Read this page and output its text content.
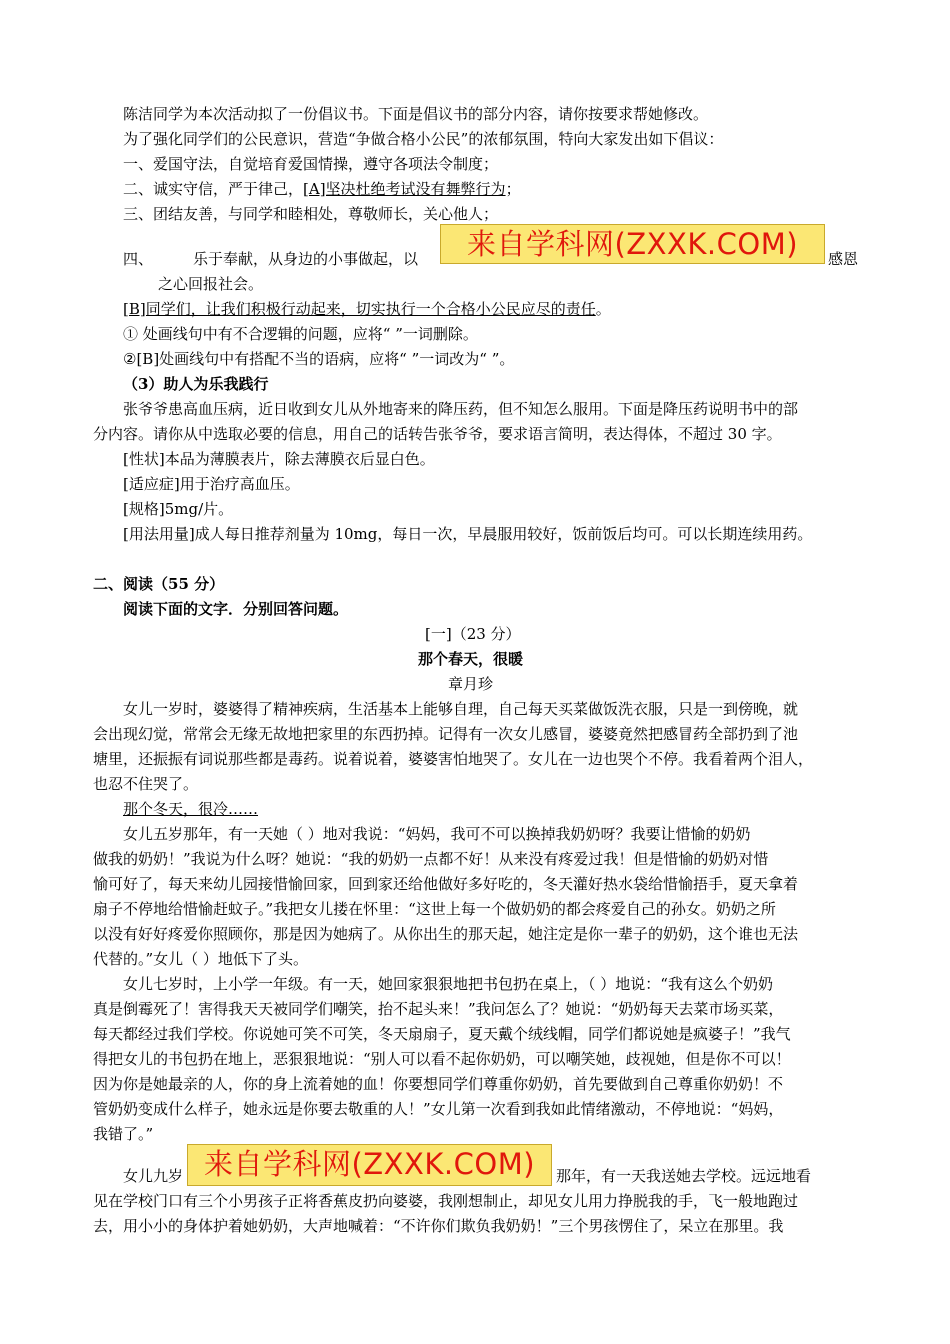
陈洁同学为本次活动拟了一份倡议书。下面是倡议书的部分内容，请你按要求帮她修改。
为了强化同学们的公民意识，营造“争做合格小公民”的浓郁氛围，特向大家发出如下倡议：
一、爱国守法，自觉培育爱国情操，遵守各项法令制度；
二、诚实守信，严于律己，[A]坚决杜绝考试没有舞弊行为；
三、团结友善，与同学和睦相处，尊敬师长，关心他人；
四、	乐于奉献，从身边的小事做起，以	来自学科网(ZXXK.COM)	感恩
之心回报社会。
[B]同学们，让我们积极行动起来，切实执行一个合格小公民应尽的责任。
① 处画线句中有不合逻辑的问题，应将“ ”一词删除。
②[B]处画线句中有搭配不当的语病，应将“ ”一词改为“ ”。
（3）助人为乐我践行
张爷爷患高血压病，近日收到女儿从外地寄来的降压药，但不知怎么服用。下面是降压药说明书中的部
分内容。请你从中选取必要的信息，用自己的话转告张爷爷，要求语言简明，表达得体，不超过 30 字。
[性状]本品为薄膜表片，除去薄膜衣后显白色。
[适应症]用于治疗高血压。
[规格]5mg/片。
[用法用量]成人每日推荐剂量为 10mg，每日一次，早晨服用较好，饭前饭后均可。可以长期连续用药。
二、阅读（55 分）
阅读下面的文字．分别回答问题。
[一]（23 分）
那个春天，很暖
章月珍
女儿一岁时，婆婆得了精神疾病，生活基本上能够自理，自己每天买菜做饭洗衣服，只是一到傍晚，就
会出现幻觉，常常会无缘无故地把家里的东西扔掉。记得有一次女儿感冒，婆婆竟然把感冒药全部扔到了池
塘里，还振振有词说那些都是毒药。说着说着，婆婆害怕地哭了。女儿在一边也哭个不停。我看着两个泪人，
也忍不住哭了。
那个冬天，很冷……
女儿五岁那年，有一天她（ ）地对我说：“妈妈，我可不可以换掉我奶奶呀？我要让惜愉的奶奶
做我的奶奶！”我说为什么呀？她说：“我的奶奶一点都不好！从来没有疼爱过我！但是惜愉的奶奶对惜
愉可好了，每天来幼儿园接惜愉回家，回到家还给他做好多好吃的，冬天灌好热水袋给惜愉捂手，夏天拿着
扇子不停地给惜愉赶蚊子。”我把女儿搂在怀里：“这世上每一个做奶奶的都会疼爱自己的孙女。奶奶之所
以没有好好疼爱你照顾你，那是因为她病了。从你出生的那天起，她注定是你一辈子的奶奶，这个谁也无法
代替的。”女儿（ ）地低下了头。
女儿七岁时，上小学一年级。有一天，她回家狠狠地把书包扔在桌上，（ ）地说：“我有这么个奶奶
真是倒霉死了！害得我天天被同学们嘲笑，抬不起头来！”我问怎么了？她说：“奶奶每天去菜市场买菜，
每天都经过我们学校。你说她可笑不可笑，冬天扇扇子，夏天戴个绒线帽，同学们都说她是疯婆子！”我气
得把女儿的书包扔在地上，恶狠狠地说：“别人可以看不起你奶奶，可以嘲笑她，歧视她，但是你不可以！
因为你是她最亲的人，你的身上流着她的血！你要想同学们尊重你奶奶，首先要做到自己尊重你奶奶！不
管奶奶变成什么样子，她永远是你要去敬重的人！”女儿第一次看到我如此情绪激动，不停地说：“妈妈，
我错了。”
女儿九岁 来自学科网(ZXXK.COM)	那年，有一天我送她去学校。远远地看
见在学校门口有三个小男孩子正将香蕉皮扔向婆婆，我刚想制止，却见女儿用力挣脱我的手，飞一般地跑过
去，用小小的身体护着她奶奶，大声地喊着：“不许你们欺负我奶奶！”三个男孩愣住了，呆立在那里。我
